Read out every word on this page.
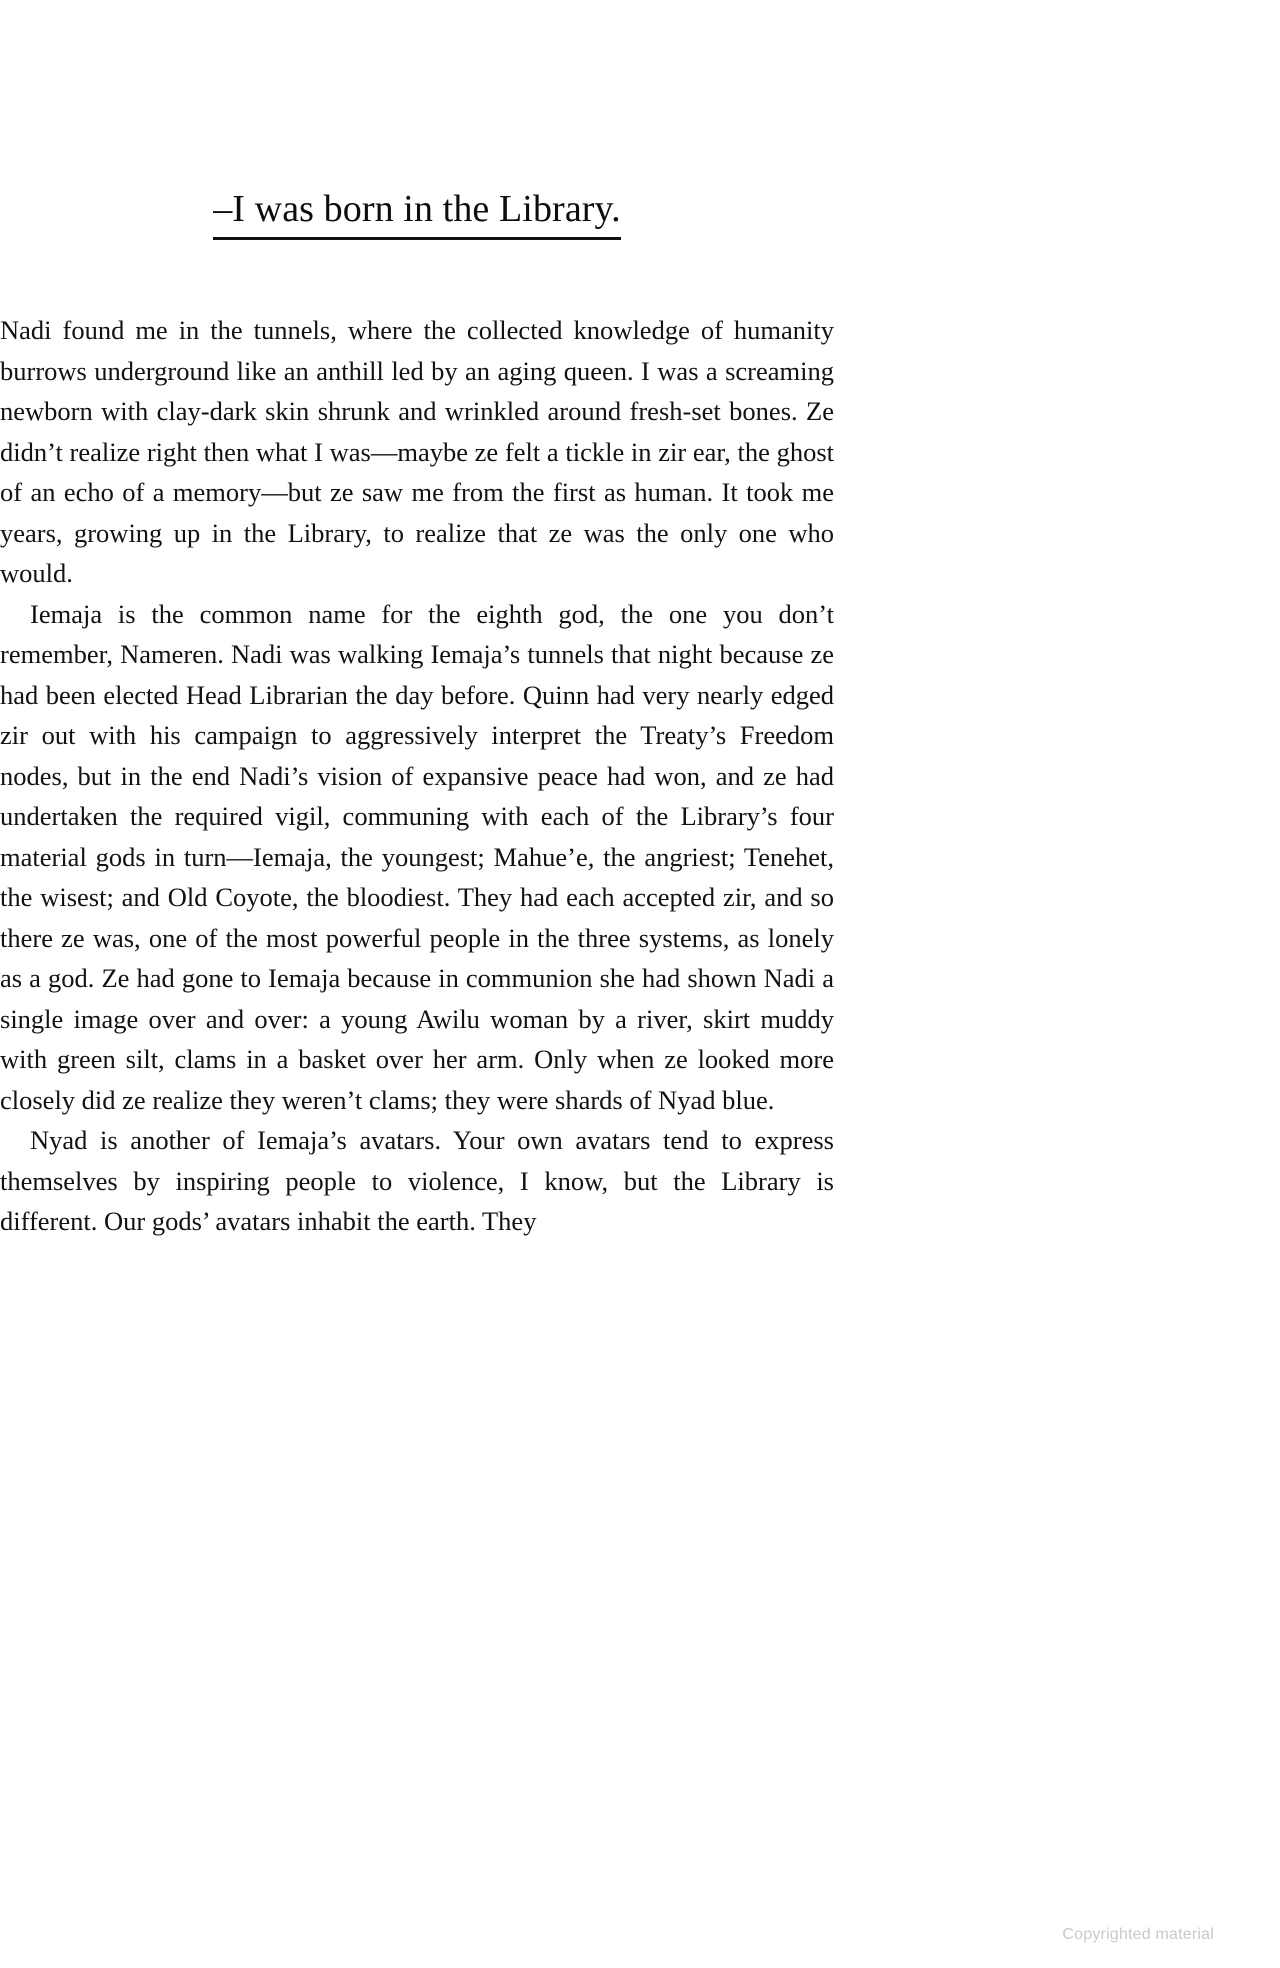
–I was born in the Library.

Nadi found me in the tunnels, where the collected knowledge of humanity burrows underground like an anthill led by an aging queen. I was a screaming newborn with clay-dark skin shrunk and wrinkled around fresh-set bones. Ze didn’t realize right then what I was—maybe ze felt a tickle in zir ear, the ghost of an echo of a memory—but ze saw me from the first as human. It took me years, growing up in the Library, to realize that ze was the only one who would.

Iemaja is the common name for the eighth god, the one you don’t remember, Nameren. Nadi was walking Iemaja’s tunnels that night because ze had been elected Head Librarian the day before. Quinn had very nearly edged zir out with his campaign to aggressively interpret the Treaty’s Freedom nodes, but in the end Nadi’s vision of expansive peace had won, and ze had undertaken the required vigil, communing with each of the Library’s four material gods in turn—Iemaja, the youngest; Mahue’e, the angriest; Tenehet, the wisest; and Old Coyote, the bloodiest. They had each accepted zir, and so there ze was, one of the most powerful people in the three systems, as lonely as a god. Ze had gone to Iemaja because in communion she had shown Nadi a single image over and over: a young Awilu woman by a river, skirt muddy with green silt, clams in a basket over her arm. Only when ze looked more closely did ze realize they weren’t clams; they were shards of Nyad blue.

Nyad is another of Iemaja’s avatars. Your own avatars tend to express themselves by inspiring people to violence, I know, but the Library is different. Our gods’ avatars inhabit the earth. They

Copyrighted material
